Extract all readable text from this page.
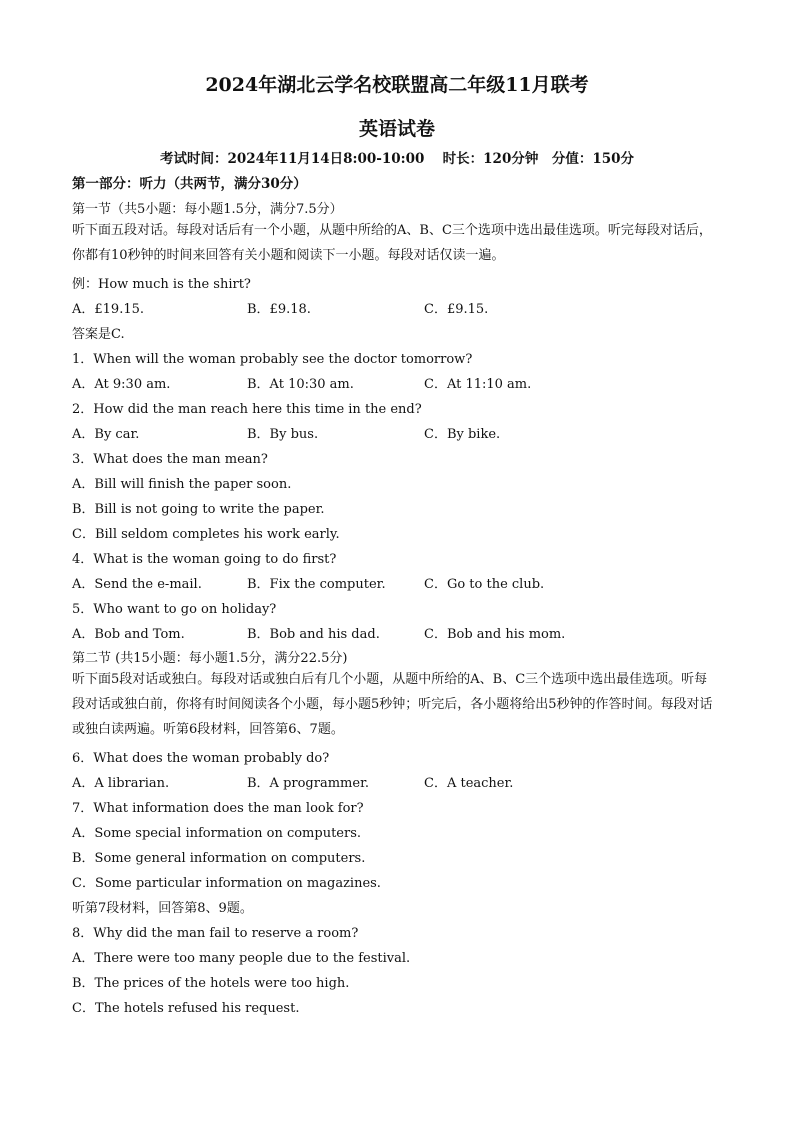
2024年湖北云学名校联盟高二年级11月联考
英语试卷
考试时间：2024年11月14日8:00-10:00　 时长：120分钟　分值：150分
第一部分：听力（共两节，满分30分）
第一节（共5小题：每小题1.5分，满分7.5分）
听下面五段对话。每段对话后有一个小题，从题中所给的A、B、C三个选项中选出最佳选项。听完每段对话后，你都有10秒钟的时间来回答有关小题和阅读下一小题。每段对话仅读一遍。
例：How much is the shirt?
A．£19.15.	B．£9.18.	C．£9.15.
答案是C.
1．When will the woman probably see the doctor tomorrow?
A．At 9:30 am.	B．At 10:30 am.	C．At 11:10 am.
2．How did the man reach here this time in the end?
A．By car.	B．By bus.	C．By bike.
3．What does the man mean?
A．Bill will finish the paper soon.
B．Bill is not going to write the paper.
C．Bill seldom completes his work early.
4．What is the woman going to do first?
A．Send the e-mail.	B．Fix the computer.	C．Go to the club.
5．Who want to go on holiday?
A．Bob and Tom.	B．Bob and his dad.	C．Bob and his mom.
第二节 (共15小题：每小题1.5分，满分22.5分)
听下面5段对话或独白。每段对话或独白后有几个小题，从题中所给的A、B、C三个选项中选出最佳选项。听每段对话或独白前，你将有时间阅读各个小题，每小题5秒钟；听完后，各小题将给出5秒钟的作答时间。每段对话或独白读两遍。听第6段材料，回答第6、7题。
6．What does the woman probably do?
A．A librarian.	B．A programmer.	C．A teacher.
7．What information does the man look for?
A．Some special information on computers.
B．Some general information on computers.
C．Some particular information on magazines.
听第7段材料，回答第8、9题。
8．Why did the man fail to reserve a room?
A．There were too many people due to the festival.
B．The prices of the hotels were too high.
C．The hotels refused his request.
